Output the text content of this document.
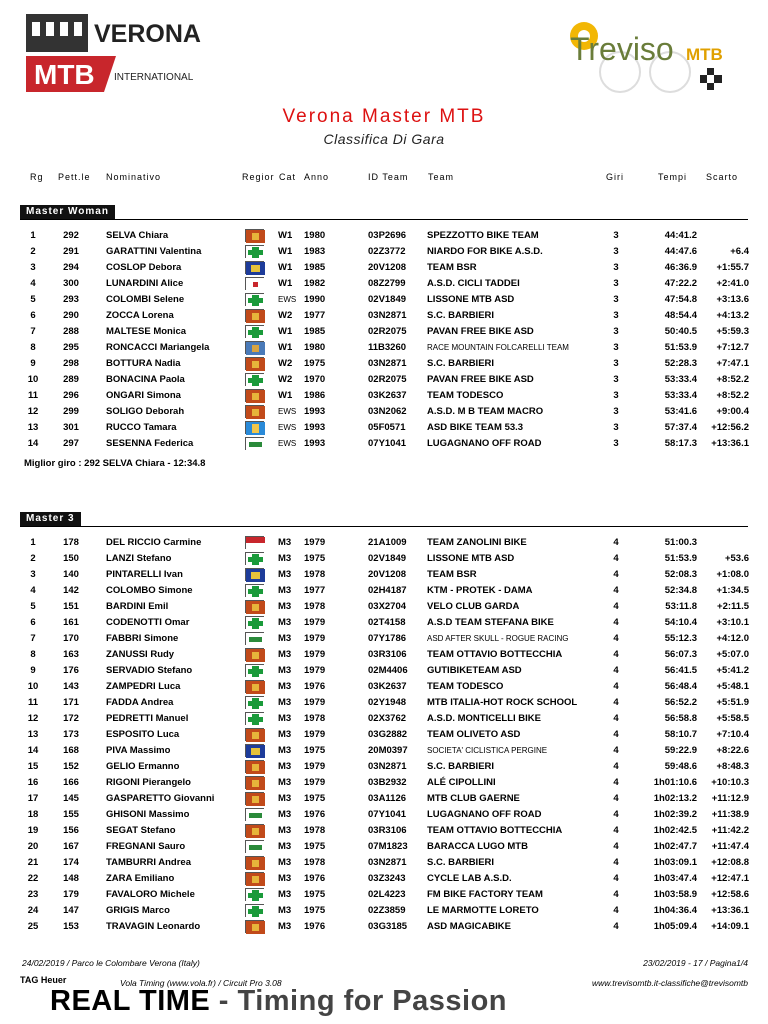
VERONA
MTB INTERNATIONAL
Treviso MTB
Verona Master MTB
Classifica Di Gara
Rg Pett.le Nominativo	Regior Cat Anno	ID Team Team	Giri	Tempi Scarto
Master Woman
1	292	SELVA Chiara	W1 1980	03P2696 SPEZZOTTO BIKE TEAM	3	44:41.2
2	291	GARATTINI Valentina	W1 1983	02Z3772 NIARDO FOR BIKE A.S.D.	3	44:47.6	+6.4
3	294	COSLOP Debora	W1 1985	20V1208 TEAM BSR	3	46:36.9	+1:55.7
4	300	LUNARDINI Alice	W1 1982	08Z2799 A.S.D. CICLI TADDEI	3	47:22.2	+2:41.0
5	293	COLOMBI Selene	EWS 1990	02V1849 LISSONE MTB ASD	3	47:54.8	+3:13.6
6	290	ZOCCA Lorena	W2 1977	03N2871 S.C. BARBIERI	3	48:54.4	+4:13.2
7	288	MALTESE Monica	W1 1985	02R2075 PAVAN FREE BIKE ASD	3	50:40.5	+5:59.3
8	295	RONCACCI Mariangela	W1 1980	11B3260	RACE MOUNTAIN FOLCARELLI TEAM	3	51:53.9	+7:12.7
9	298	BOTTURA Nadia	W2 1975	03N2871 S.C. BARBIERI	3	52:28.3	+7:47.1
10	289	BONACINA Paola	W2 1970	02R2075 PAVAN FREE BIKE ASD	3	53:33.4	+8:52.2
11	296	ONGARI Simona	W1 1986	03K2637 TEAM TODESCO	3	53:33.4	+8:52.2
12	299	SOLIGO Deborah	EWS 1993	03N2062 A.S.D. M B TEAM MACRO	3	53:41.6	+9:00.4
13	301	RUCCO Tamara	EWS 1993	05F0571 ASD BIKE TEAM 53.3	3	57:37.4	+12:56.2
14	297	SESENNA Federica	EWS 1993	07Y1041 LUGAGNANO OFF ROAD	3	58:17.3	+13:36.1
Master 3
1	178	DEL RICCIO Carmine	M3 1979	21A1009 TEAM ZANOLINI BIKE	4	51:00.3
2	150	LANZI Stefano	M3 1975	02V1849 LISSONE MTB ASD	4	51:53.9	+53.6
3	140	PINTARELLI Ivan	M3 1978	20V1208 TEAM BSR	4	52:08.3	+1:08.0
4	142	COLOMBO Simone	M3 1977	02H4187 KTM - PROTEK - DAMA	4	52:34.8	+1:34.5
5	151	BARDINI Emil	M3 1978	03X2704 VELO CLUB GARDA	4	53:11.8	+2:11.5
6	161	CODENOTTI Omar	M3 1979	02T4158 A.S.D TEAM STEFANA BIKE	4	54:10.4	+3:10.1
7	170	FABBRI Simone	M3 1979	07Y1786	ASD AFTER SKULL - ROGUE RACING	4	55:12.3	+4:12.0
8	163	ZANUSSI Rudy	M3 1979	03R3106 TEAM OTTAVIO BOTTECCHIA	4	56:07.3	+5:07.0
9	176	SERVADIO Stefano	M3 1979	02M4406 GUTIBIKETEAM ASD	4	56:41.5	+5:41.2
10	143	ZAMPEDRI Luca	M3 1976	03K2637 TEAM TODESCO	4	56:48.4	+5:48.1
11	171	FADDA Andrea	M3 1979	02Y1948 MTB ITALIA-HOT ROCK SCHOOL	4	56:52.2	+5:51.9
12	172	PEDRETTI Manuel	M3 1978	02X3762 A.S.D. MONTICELLI BIKE	4	56:58.8	+5:58.5
13	173	ESPOSITO Luca	M3 1979	03G2882 TEAM OLIVETO ASD	4	58:10.7	+7:10.4
14	168	PIVA Massimo	M3 1975	20M0397 SOCIETA' CICLISTICA PERGINE	4	59:22.9	+8:22.6
15	152	GELIO Ermanno	M3 1979	03N2871 S.C. BARBIERI	4	59:48.6	+8:48.3
16	166	RIGONI Pierangelo	M3 1979	03B2932 ALÉ CIPOLLINI	4	1h01:10.6	+10:10.3
17	145	GASPARETTO Giovanni	M3 1975	03A1126 MTB CLUB GAERNE	4	1h02:13.2	+11:12.9
18	155	GHISONI Massimo	M3 1976	07Y1041 LUGAGNANO OFF ROAD	4	1h02:39.2	+11:38.9
19	156	SEGAT Stefano	M3 1978	03R3106 TEAM OTTAVIO BOTTECCHIA	4	1h02:42.5	+11:42.2
20	167	FREGNANI Sauro	M3 1975	07M1823 BARACCA LUGO MTB	4	1h02:47.7	+11:47.4
21	174	TAMBURRI Andrea	M3 1978	03N2871 S.C. BARBIERI	4	1h03:09.1	+12:08.8
22	148	ZARA Emiliano	M3 1976	03Z3243 CYCLE LAB A.S.D.	4	1h03:47.4	+12:47.1
23	179	FAVALORO Michele	M3 1975	02L4223 FM BIKE FACTORY TEAM	4	1h03:58.9	+12:58.6
24	147	GRIGIS Marco	M3 1975	02Z3859 LE MARMOTTE LORETO	4	1h04:36.4	+13:36.1
25	153	TRAVAGIN Leonardo	M3 1976	03G3185 ASD MAGICABIKE	4	1h05:09.4	+14:09.1
Miglior giro : 292 SELVA Chiara - 12:34.8
24/02/2019 / Parco le Colombare Verona (Italy)	23/02/2019 - 17 / Pagina1/4
Vola Timing (www.vola.fr) / Circuit Pro 3.08	www.trevisomtb.it-classifiche@trevisomtb
TAG Heuer
REAL TIME - Timing for Passion
